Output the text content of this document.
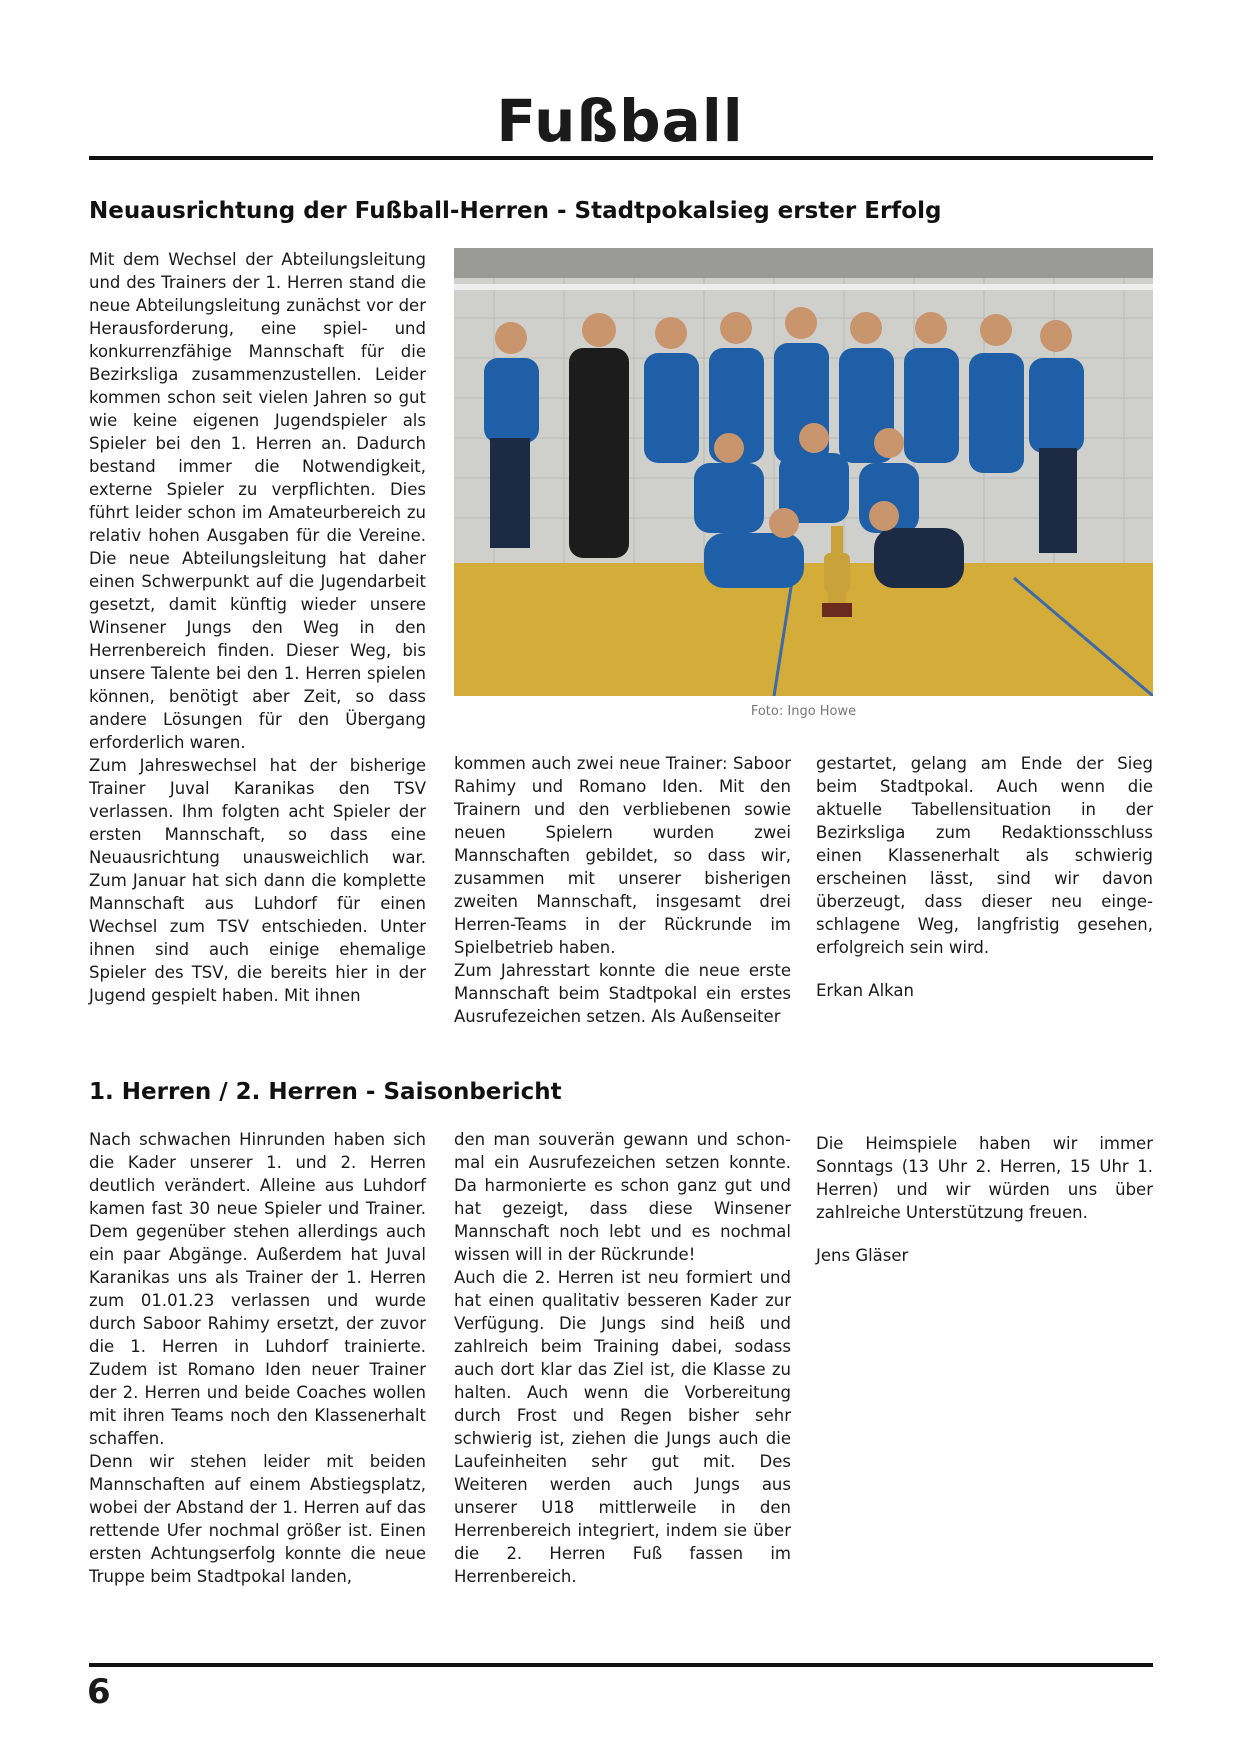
Fußball
Neuausrichtung der Fußball-Herren - Stadtpokalsieg erster Erfolg

Mit dem Wechsel der Abteilungsleitung und des Trainers der 1. Herren stand die neue Abteilungsleitung zunächst vor der Herausforderung, eine spiel- und konkurrenzfähige Mannschaft für die Bezirksliga zusammenzustellen. Leider kommen schon seit vielen Jahren so gut wie keine eigenen Jugendspieler als Spieler bei den 1. Herren an. Dadurch bestand immer die Notwendigkeit, externe Spieler zu verpflichten. Dies führt leider schon im Amateurbereich zu relativ hohen Ausgaben für die Vereine. Die neue Abteilungsleitung hat daher einen Schwerpunkt auf die Jugendarbeit gesetzt, damit künftig wieder unsere Winsener Jungs den Weg in den Herrenbereich finden. Dieser Weg, bis unsere Talente bei den 1. Herren spielen können, benötigt aber Zeit, so dass andere Lösungen für den Übergang erforderlich waren.

Zum Jahreswechsel hat der bisherige Trainer Juval Karanikas den TSV verlassen. Ihm folgten acht Spieler der ersten Mannschaft, so dass eine Neuausrichtung unausweichlich war. Zum Januar hat sich dann die komplette Mannschaft aus Luhdorf für einen Wechsel zum TSV entschieden. Unter ihnen sind auch einige ehemalige Spieler des TSV, die bereits hier in der Jugend gespielt haben. Mit ihnen

Foto: Ingo Howe

kommen auch zwei neue Trainer: Saboor Rahimy und Romano Iden. Mit den Trainern und den verbliebenen sowie neuen Spielern wurden zwei Mannschaften gebildet, so dass wir, zusammen mit unserer bisherigen zweiten Mannschaft, insgesamt drei Herren-Teams in der Rückrunde im Spielbetrieb haben.

Zum Jahresstart konnte die neue erste Mannschaft beim Stadtpokal ein erstes Ausrufezeichen setzen. Als Außenseiter

gestartet, gelang am Ende der Sieg beim Stadtpokal. Auch wenn die aktuelle Tabellensituation in der Bezirksliga zum Redaktionsschluss einen Klassenerhalt als schwierig erscheinen lässt, sind wir davon überzeugt, dass dieser neu einge-schlagene Weg, langfristig gesehen, erfolgreich sein wird.

Erkan Alkan

1. Herren / 2. Herren - Saisonbericht

Nach schwachen Hinrunden haben sich die Kader unserer 1. und 2. Herren deutlich verändert. Alleine aus Luhdorf kamen fast 30 neue Spieler und Trainer. Dem gegenüber stehen allerdings auch ein paar Abgänge. Außerdem hat Juval Karanikas uns als Trainer der 1. Herren zum 01.01.23 verlassen und wurde durch Saboor Rahimy ersetzt, der zuvor die 1. Herren in Luhdorf trainierte. Zudem ist Romano Iden neuer Trainer der 2. Herren und beide Coaches wollen mit ihren Teams noch den Klassenerhalt schaffen.

Denn wir stehen leider mit beiden Mannschaften auf einem Abstiegsplatz, wobei der Abstand der 1. Herren auf das rettende Ufer nochmal größer ist. Einen ersten Achtungserfolg konnte die neue Truppe beim Stadtpokal landen,

den man souverän gewann und schon-mal ein Ausrufezeichen setzen konnte. Da harmonierte es schon ganz gut und hat gezeigt, dass diese Winsener Mannschaft noch lebt und es nochmal wissen will in der Rückrunde!

Auch die 2. Herren ist neu formiert und hat einen qualitativ besseren Kader zur Verfügung. Die Jungs sind heiß und zahlreich beim Training dabei, sodass auch dort klar das Ziel ist, die Klasse zu halten. Auch wenn die Vorbereitung durch Frost und Regen bisher sehr schwierig ist, ziehen die Jungs auch die Laufeinheiten sehr gut mit. Des Weiteren werden auch Jungs aus unserer U18 mittlerweile in den Herrenbereich integriert, indem sie über die 2. Herren Fuß fassen im Herrenbereich.

Die Heimspiele haben wir immer Sonntags (13 Uhr 2. Herren, 15 Uhr 1. Herren) und wir würden uns über zahlreiche Unterstützung freuen.

Jens Gläser

6
